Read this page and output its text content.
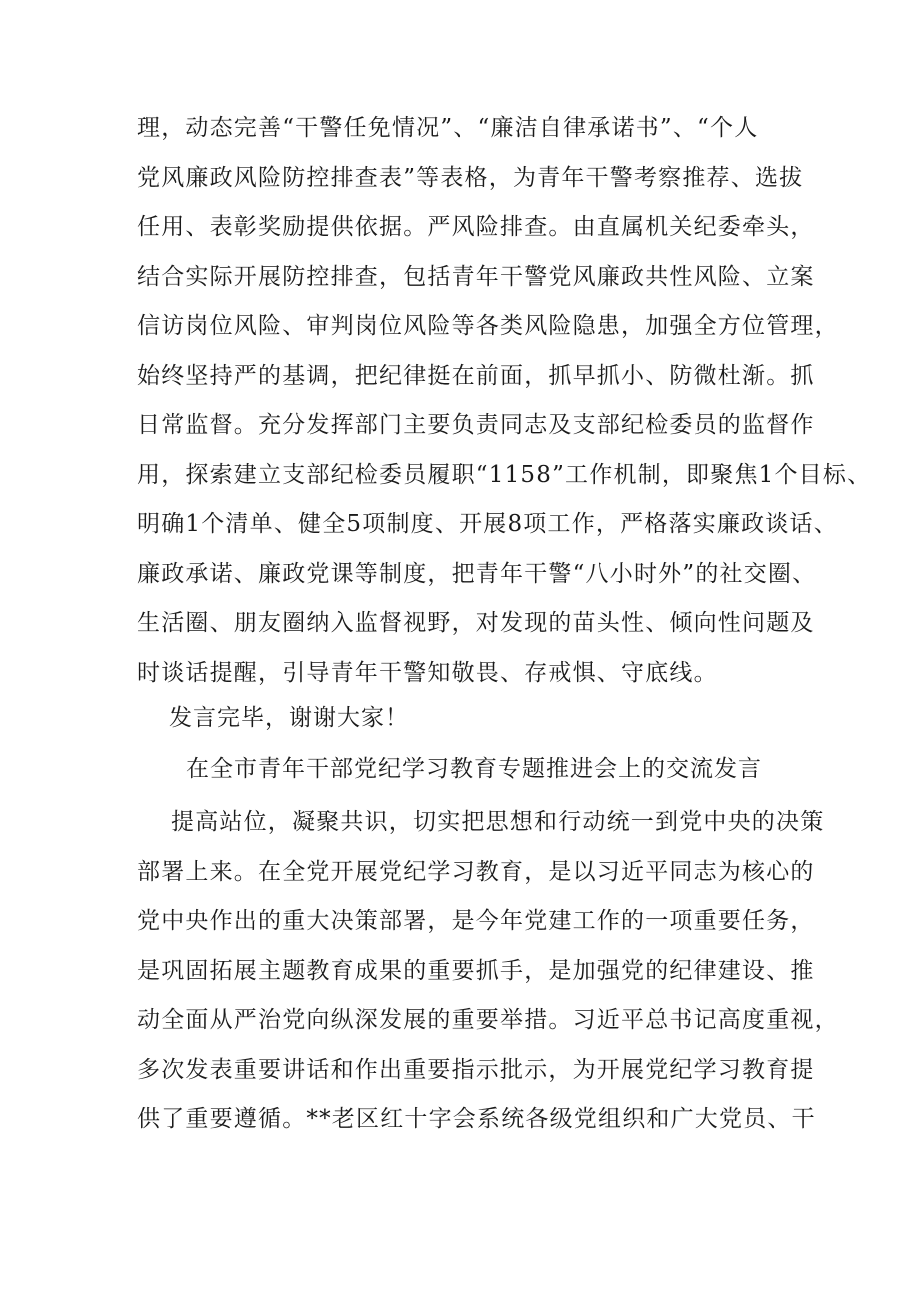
理，动态完善“干警任免情况”、“廉洁自律承诺书”、“个人
党风廉政风险防控排查表”等表格，为青年干警考察推荐、选拔
任用、表彰奖励提供依据。严风险排查。由直属机关纪委牵头，
结合实际开展防控排查，包括青年干警党风廉政共性风险、立案
信访岗位风险、审判岗位风险等各类风险隐患，加强全方位管理，
始终坚持严的基调，把纪律挺在前面，抓早抓小、防微杜渐。抓
日常监督。充分发挥部门主要负责同志及支部纪检委员的监督作
用，探索建立支部纪检委员履职“1158”工作机制，即聚焦1个目标、
明确1个清单、健全5项制度、开展8项工作，严格落实廉政谈话、
廉政承诺、廉政党课等制度，把青年干警“八小时外”的社交圈、
生活圈、朋友圈纳入监督视野，对发现的苗头性、倾向性问题及
时谈话提醒，引导青年干警知敬畏、存戒惧、守底线。
发言完毕，谢谢大家！
在全市青年干部党纪学习教育专题推进会上的交流发言
提高站位，凝聚共识，切实把思想和行动统一到党中央的决策
部署上来。在全党开展党纪学习教育，是以习近平同志为核心的
党中央作出的重大决策部署，是今年党建工作的一项重要任务，
是巩固拓展主题教育成果的重要抓手，是加强党的纪律建设、推
动全面从严治党向纵深发展的重要举措。习近平总书记高度重视，
多次发表重要讲话和作出重要指示批示，为开展党纪学习教育提
供了重要遵循。**老区红十字会系统各级党组织和广大党员、干
